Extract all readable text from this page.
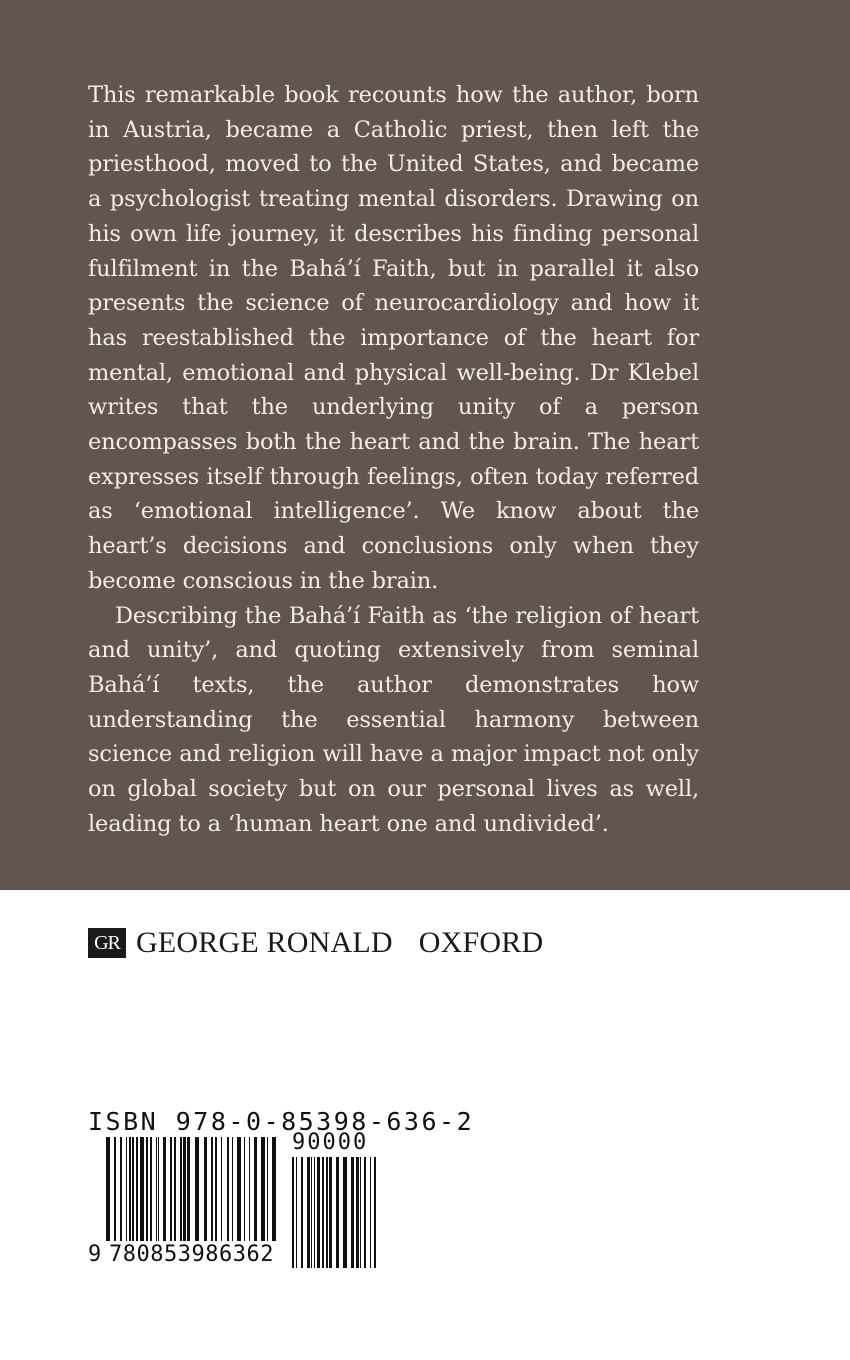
This remarkable book recounts how the author, born in Austria, became a Catholic priest, then left the priesthood, moved to the United States, and became a psychologist treating mental disorders. Drawing on his own life journey, it describes his finding personal fulfilment in the Bahá’í Faith, but in parallel it also presents the science of neurocardiology and how it has reestablished the importance of the heart for mental, emotional and physical well-being. Dr Klebel writes that the underlying unity of a person encompasses both the heart and the brain. The heart expresses itself through feelings, often today referred as ‘emotional intelligence’. We know about the heart’s decisions and conclusions only when they become conscious in the brain.

Describing the Bahá’í Faith as ‘the religion of heart and unity’, and quoting extensively from seminal Bahá’í texts, the author demonstrates how understanding the essential harmony between science and religion will have a major impact not only on global society but on our personal lives as well, leading to a ‘human heart one and undivided’.

GR GEORGE RONALD OXFORD
ISBN 978-0-85398-636-2
90000
9 780853986362
